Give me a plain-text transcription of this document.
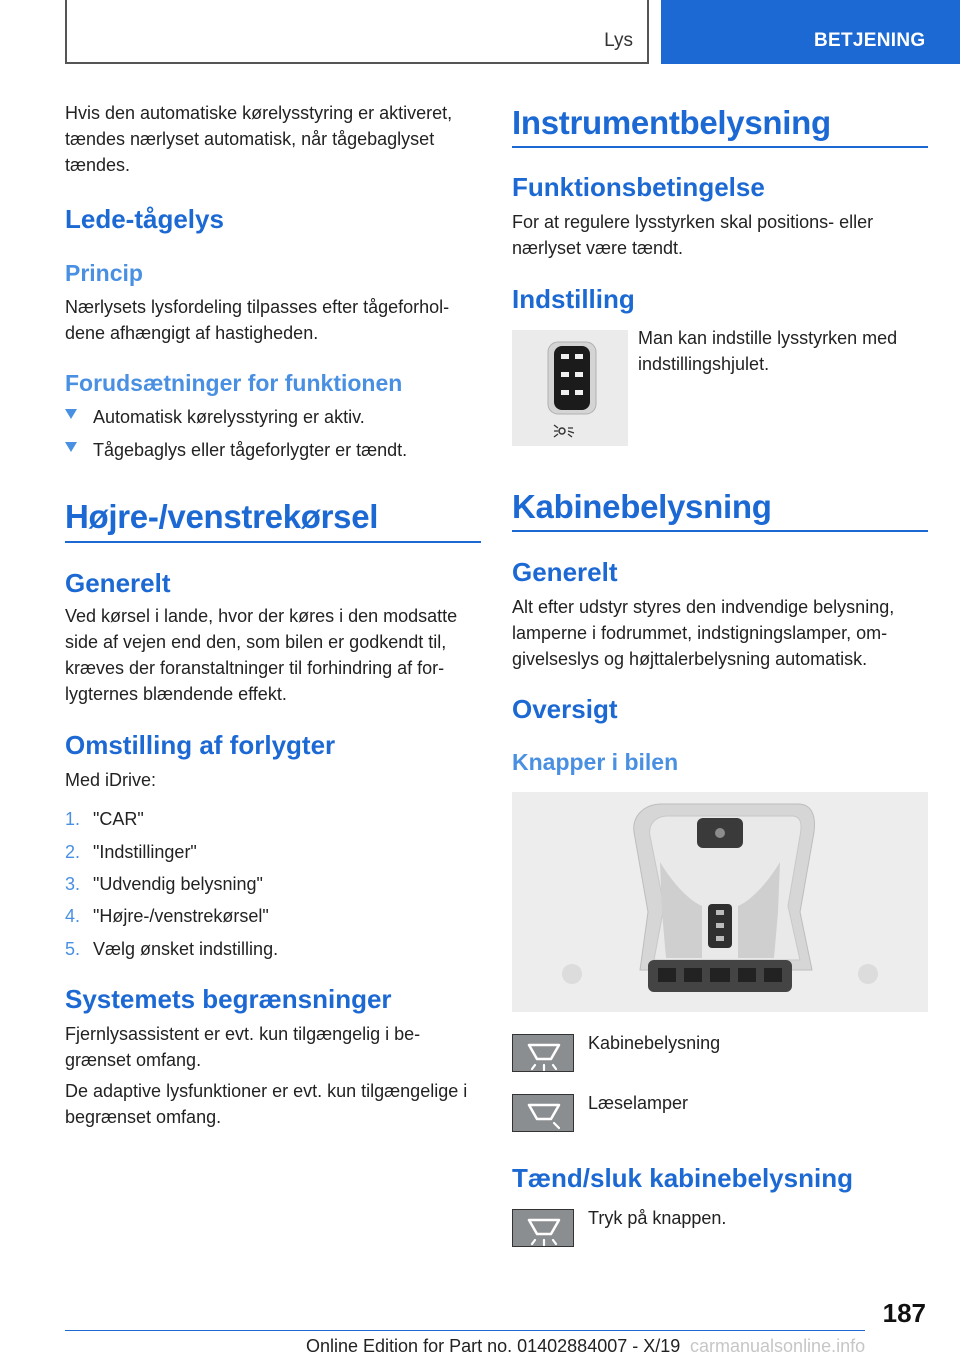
Lys	BETJENING

Hvis den automatiske kørelysstyring er aktiveret, tændes nærlyset automatisk, når tågebaglyset tændes.

Lede-tågelys
Princip

Nærlysets lysfordeling tilpasses efter tågeforhol-dene afhængigt af hastigheden.

Forudsætninger for funktionen
Automatisk kørelysstyring er aktiv.
Tågebaglys eller tågeforlygter er tændt.
Højre-/venstrekørsel
Generelt

Ved kørsel i lande, hvor der køres i den modsatte side af vejen end den, som bilen er godkendt til, kræves der foranstaltninger til forhindring af for-lygternes blændende effekt.

Omstilling af forlygter

Med iDrive:

1. "CAR"
2. "Indstillinger"
3. "Udvendig belysning"
4. "Højre-/venstrekørsel"
5. Vælg ønsket indstilling.
Systemets begrænsninger

Fjernlysassistent er evt. kun tilgængelig i be-grænset omfang.

De adaptive lysfunktioner er evt. kun tilgængelige i begrænset omfang.

Instrumentbelysning
Funktionsbetingelse

For at regulere lysstyrken skal positions- eller nærlyset være tændt.

Indstilling

Man kan indstille lysstyrken med indstillingshjulet.

Kabinebelysning
Generelt

Alt efter udstyr styres den indvendige belysning, lamperne i fodrummet, indstigningslamper, om-givelseslys og højttalerbelysning automatisk.

Oversigt
Knapper i bilen
Kabinebelysning
Læselamper
Tænd/sluk kabinebelysning
Tryk på knappen.
187
Online Edition for Part no. 01402884007 - X/19 carmanualsonline.info
